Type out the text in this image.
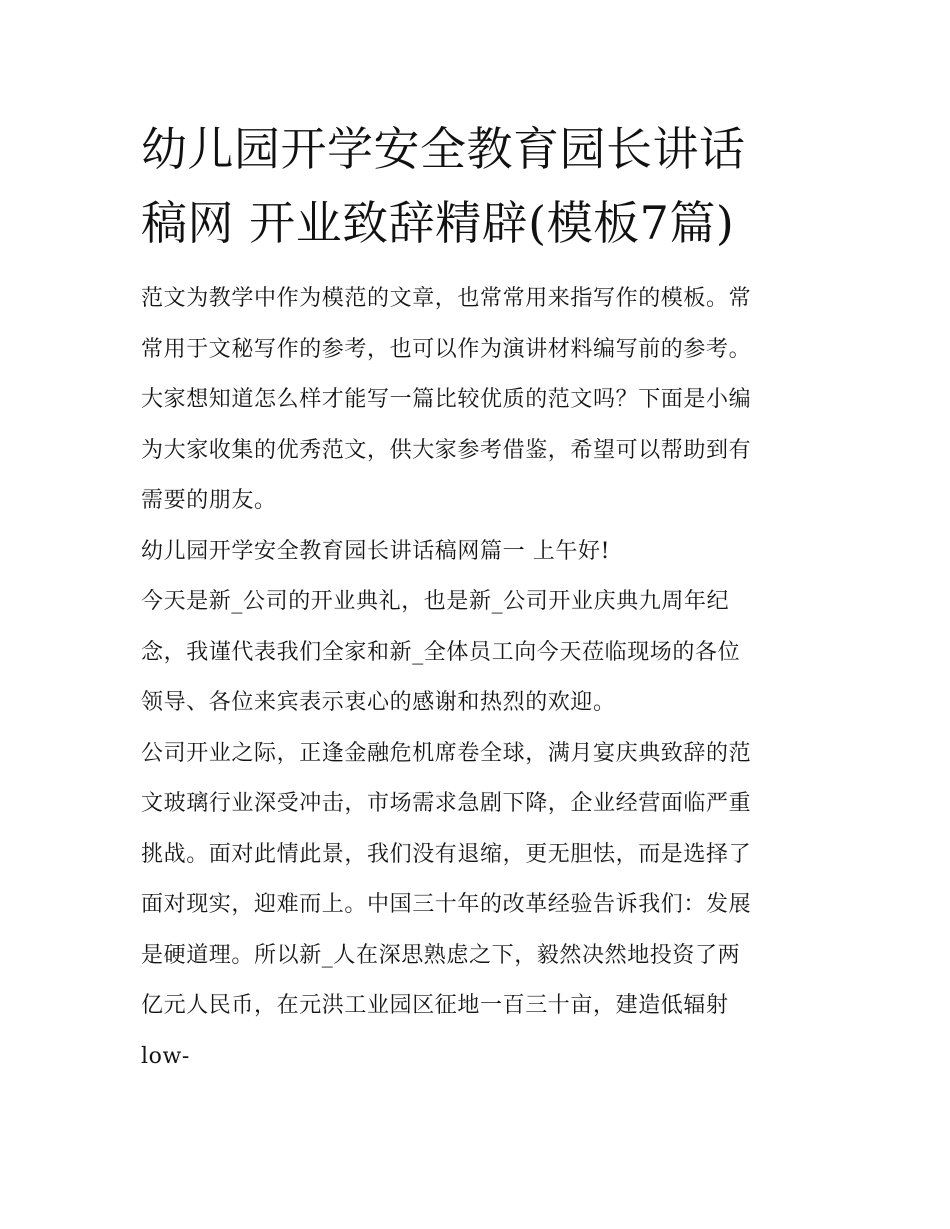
幼儿园开学安全教育园长讲话
稿网 开业致辞精辟(模板7篇)

范文为教学中作为模范的文章，也常常用来指写作的模板。常
常用于文秘写作的参考，也可以作为演讲材料编写前的参考。
大家想知道怎么样才能写一篇比较优质的范文吗？下面是小编
为大家收集的优秀范文，供大家参考借鉴，希望可以帮助到有
需要的朋友。

幼儿园开学安全教育园长讲话稿网篇一 上午好!

今天是新_公司的开业典礼，也是新_公司开业庆典九周年纪
念，我谨代表我们全家和新_全体员工向今天莅临现场的各位
领导、各位来宾表示衷心的感谢和热烈的欢迎。

公司开业之际，正逢金融危机席卷全球，满月宴庆典致辞的范
文玻璃行业深受冲击，市场需求急剧下降，企业经营面临严重
挑战。面对此情此景，我们没有退缩，更无胆怯，而是选择了
面对现实，迎难而上。中国三十年的改革经验告诉我们：发展
是硬道理。所以新_人在深思熟虑之下，毅然决然地投资了两
亿元人民币，在元洪工业园区征地一百三十亩，建造低辐射
low-
